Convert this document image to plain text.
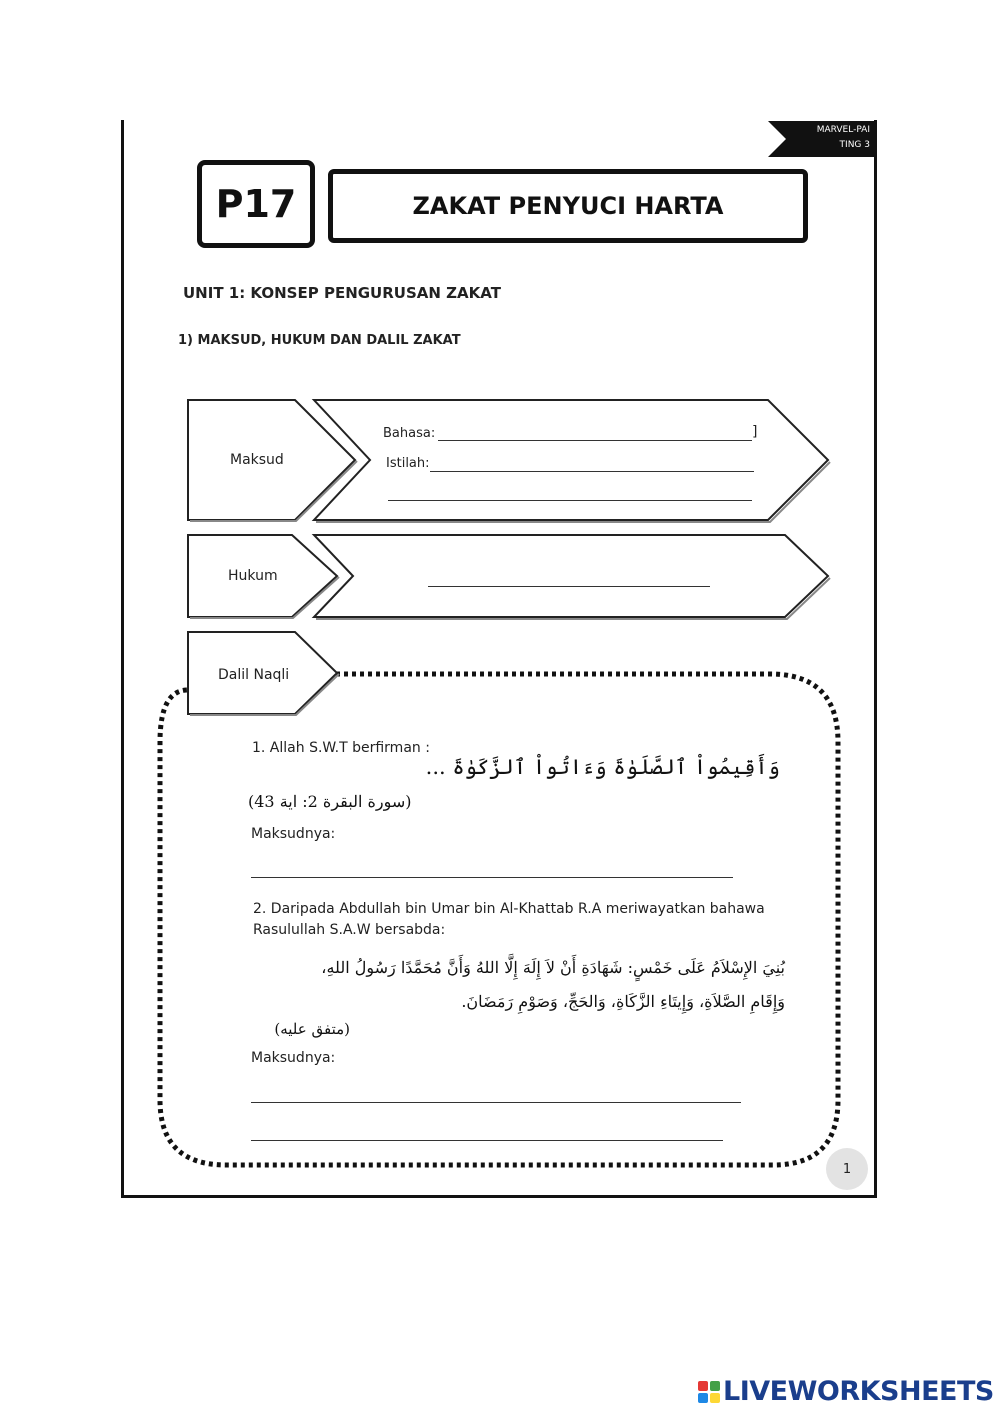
MARVEL-PAI
TING 3
P17	ZAKAT PENYUCI HARTA
UNIT 1: KONSEP PENGURUSAN ZAKAT
1) MAKSUD, HUKUM DAN DALIL ZAKAT
Maksud
Bahasa:	]
Istilah:
Hukum
Dalil Naqli
1. Allah S.W.T berfirman :
وَأَقِيمُواْ ٱلصَّلَوٰةَ وَءَاتُواْ ٱلزَّكَوٰةَ ...
(سورة البقرة 2: اية 43)
Maksudnya:
2. Daripada Abdullah bin Umar bin Al-Khattab R.A meriwayatkan bahawa
Rasulullah S.A.W bersabda:
بُنِيَ الإِسْلاَمُ عَلَى خَمْسٍ: شَهَادَةِ أَنْ لاَ إِلَهَ إِلَّا اللهُ وَأَنَّ مُحَمَّدًا رَسُولُ اللهِ،
وَإِقَامِ الصَّلاَةِ، وَإِيتَاءِ الزَّكَاةِ، وَالحَجِّ، وَصَوْمِ رَمَضَانَ.
(متفق عليه)
Maksudnya:
1
LIVEWORKSHEETS
